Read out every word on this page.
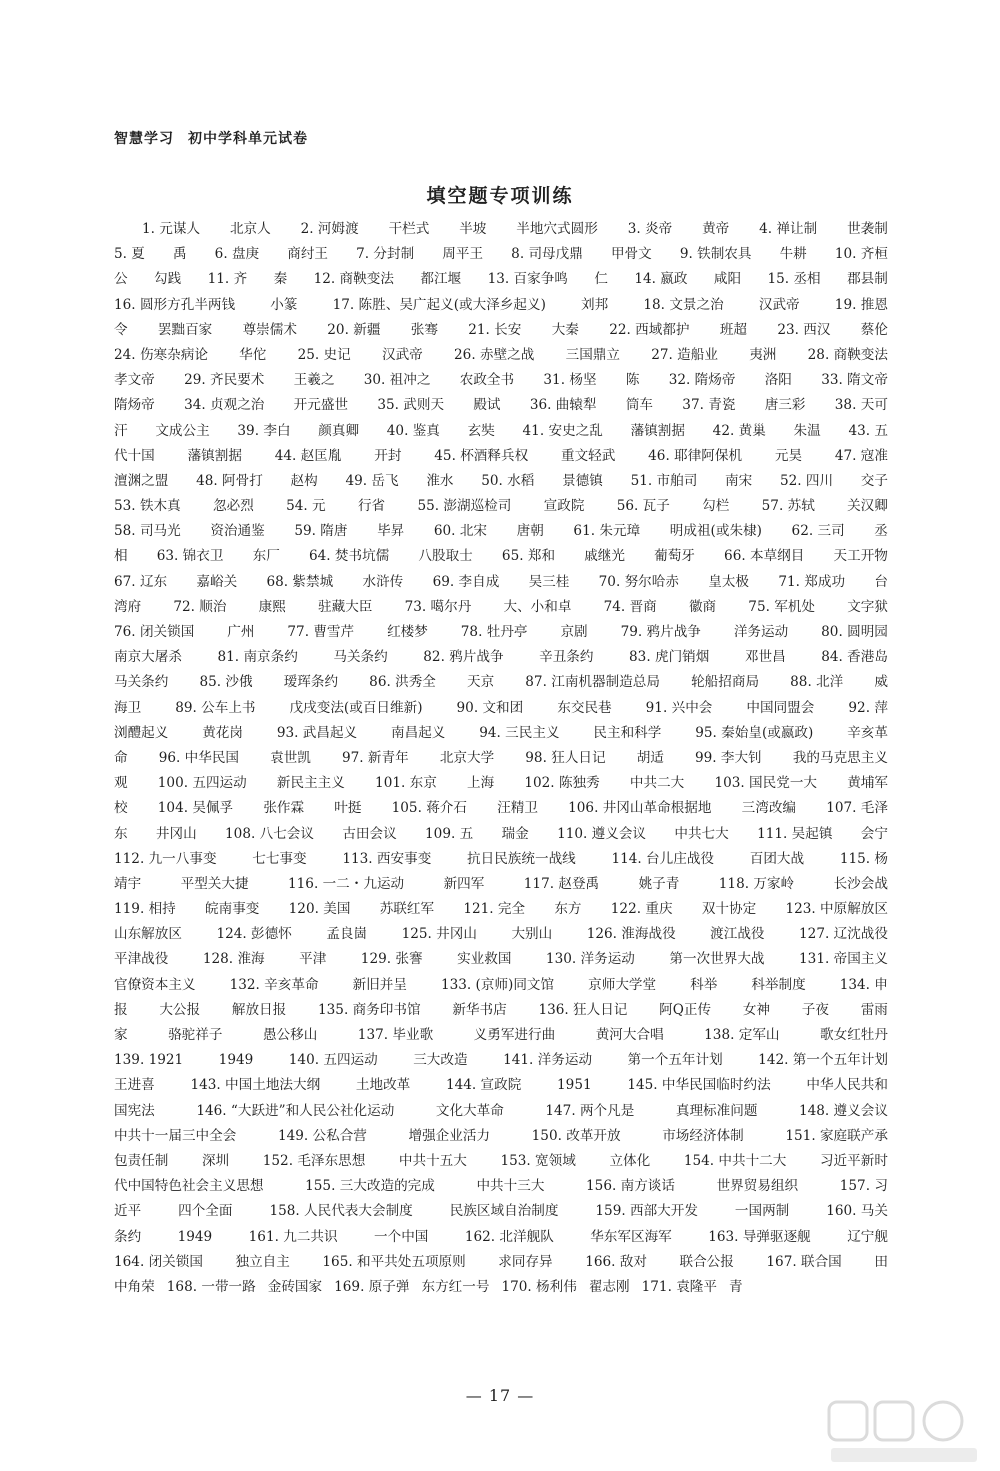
智慧学习 初中学科单元试卷
填空题专项训练
1. 元谋人 北京人 2. 河姆渡 干栏式 半坡 半地穴式圆形 3. 炎帝 黄帝 4. 禅让制 世袭制
5. 夏 禹 6. 盘庚 商纣王 7. 分封制 周平王 8. 司母戊鼎 甲骨文 9. 铁制农具 牛耕 10. 齐桓
公 勾践 11. 齐 秦 12. 商鞅变法 都江堰 13. 百家争鸣 仁 14. 嬴政 咸阳 15. 丞相 郡县制
16. 圆形方孔半两钱	小篆	17. 陈胜、吴广起义(或大泽乡起义)	刘邦	18. 文景之治	汉武帝	19. 推恩
令 罢黜百家 尊崇儒术 20. 新疆 张骞 21. 长安 大秦 22. 西域都护 班超 23. 西汉 蔡伦
24. 伤寒杂病论 华佗 25. 史记 汉武帝 26. 赤壁之战 三国鼎立 27. 造船业 夷洲 28. 商鞅变法
孝文帝 29. 齐民要术 王羲之 30. 祖冲之 农政全书 31. 杨坚 陈 32. 隋炀帝 洛阳 33. 隋文帝
隋炀帝 34. 贞观之治 开元盛世 35. 武则天 殿试 36. 曲辕犁 筒车 37. 青瓷 唐三彩 38. 天可
汗 文成公主 39. 李白 颜真卿 40. 鉴真 玄奘 41. 安史之乱 藩镇割据 42. 黄巢 朱温 43. 五
代十国 藩镇割据 44. 赵匡胤 开封 45. 杯酒释兵权 重文轻武 46. 耶律阿保机 元昊 47. 寇准
澶渊之盟 48. 阿骨打 赵构 49. 岳飞 淮水 50. 水稻 景德镇 51. 市舶司 南宋 52. 四川 交子
53. 铁木真 忽必烈 54. 元 行省 55. 澎湖巡检司 宣政院 56. 瓦子 勾栏 57. 苏轼 关汉卿
58. 司马光 资治通鉴 59. 隋唐 毕昇 60. 北宋 唐朝 61. 朱元璋 明成祖(或朱棣) 62. 三司 丞
相 63. 锦衣卫 东厂 64. 焚书坑儒 八股取士 65. 郑和 戚继光 葡萄牙 66. 本草纲目 天工开物
67. 辽东 嘉峪关 68. 紫禁城 水浒传 69. 李自成 吴三桂 70. 努尔哈赤 皇太极 71. 郑成功 台
湾府 72. 顺治 康熙 驻藏大臣 73. 噶尔丹 大、小和卓 74. 晋商 徽商 75. 军机处 文字狱
76. 闭关锁国 广州 77. 曹雪芹 红楼梦 78. 牡丹亭 京剧 79. 鸦片战争 洋务运动 80. 圆明园
南京大屠杀	81. 南京条约	马关条约	82. 鸦片战争	辛丑条约	83. 虎门销烟	邓世昌	84. 香港岛
马关条约 85. 沙俄 瑷珲条约 86. 洪秀全 天京 87. 江南机器制造总局 轮船招商局 88. 北洋 威
海卫	89. 公车上书	戊戌变法(或百日维新)	90. 文和团	东交民巷	91. 兴中会	中国同盟会	92. 萍
浏醴起义 黄花岗 93. 武昌起义 南昌起义 94. 三民主义 民主和科学 95. 秦始皇(或嬴政) 辛亥革
命 96. 中华民国 袁世凯 97. 新青年 北京大学 98. 狂人日记 胡适 99. 李大钊 我的马克思主义
观 100. 五四运动 新民主主义 101. 东京 上海 102. 陈独秀 中共二大 103. 国民党一大 黄埔军
校 104. 吴佩孚 张作霖 叶挺 105. 蒋介石 汪精卫 106. 井冈山革命根据地 三湾改编 107. 毛泽
东 井冈山 108. 八七会议 古田会议 109. 五 瑞金 110. 遵义会议 中共七大 111. 吴起镇 会宁
112. 九一八事变	七七事变	113. 西安事变	抗日民族统一战线	114. 台儿庄战役	百团大战	115. 杨
靖宇	平型关大捷	116. 一二・九运动	新四军	117. 赵登禹	姚子青	118. 万家岭	长沙会战
119. 相持 皖南事变 120. 美国 苏联红军 121. 完全 东方 122. 重庆 双十协定 123. 中原解放区
山东解放区	124. 彭德怀	孟良崮	125. 井冈山	大别山	126. 淮海战役	渡江战役	127. 辽沈战役
平津战役	128. 淮海	平津	129. 张謇	实业救国	130. 洋务运动	第一次世界大战	131. 帝国主义
官僚资本主义	132. 辛亥革命	新旧并呈	133. (京师)同文馆	京师大学堂	科举	科举制度	134. 申
报 大公报 解放日报 135. 商务印书馆 新华书店 136. 狂人日记 阿Q正传 女神 子夜 雷雨
家	骆驼祥子	愚公移山	137. 毕业歌	义勇军进行曲	黄河大合唱	138. 定军山	歌女红牡丹
139. 1921	1949	140. 五四运动	三大改造	141. 洋务运动	第一个五年计划	142. 第一个五年计划
王进喜	143. 中国土地法大纲	土地改革	144. 宣政院	1951	145. 中华民国临时约法	中华人民共和
国宪法	146. “大跃进”和人民公社化运动	文化大革命	147. 两个凡是	真理标准问题	148. 遵义会议
中共十一届三中全会	149. 公私合营	增强企业活力	150. 改革开放	市场经济体制	151. 家庭联产承
包责任制 深圳 152. 毛泽东思想 中共十五大 153. 宽领域 立体化 154. 中共十二大 习近平新时
代中国特色社会主义思想	155. 三大改造的完成	中共十三大	156. 南方谈话	世界贸易组织	157. 习
近平	四个全面	158. 人民代表大会制度	民族区域自治制度	159. 西部大开发	一国两制	160. 马关
条约	1949	161. 九二共识	一个中国	162. 北洋舰队	华东军区海军	163. 导弹驱逐舰	辽宁舰
164. 闭关锁国 独立自主 165. 和平共处五项原则 求同存异 166. 敌对 联合公报 167. 联合国 田
中角荣 168. 一带一路 金砖国家 169. 原子弹 东方红一号 170. 杨利伟 翟志刚 171. 袁隆平 青
— 17 —
